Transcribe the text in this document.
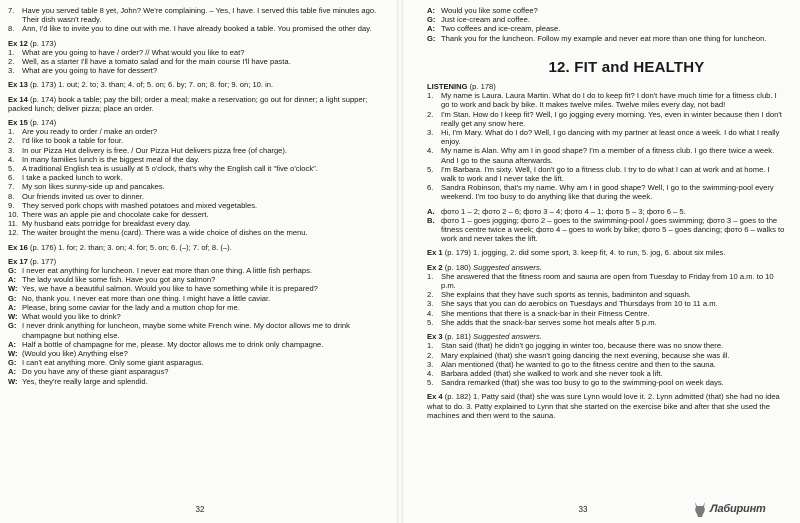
7.	Have you served table 8 yet, John? We're complaining. – Yes, I have. I served this table five minutes ago. Their dish wasn't ready.
8.	Ann, I'd like to invite you to dine out with me. I have already booked a table. You promised the other day.
Ex 12 (p. 173)
1.	What are you going to have / order? // What would you like to eat?
2.	Well, as a starter I'll have a tomato salad and for the main course I'll have pasta.
3.	What are you going to have for dessert?
Ex 13 (p. 173) 1. out; 2. to; 3. than; 4. of; 5. on; 6. by; 7. on; 8. for; 9. on; 10. in.
Ex 14 (p. 174) book a table; pay the bill; order a meal; make a reservation; go out for dinner; a light supper; packed lunch; deliver pizza; place an order.
Ex 15 (p. 174)
1.	Are you ready to order / make an order?
2.	I'd like to book a table for four.
3.	In our Pizza Hut delivery is free. / Our Pizza Hut delivers pizza free (of charge).
4.	In many families lunch is the biggest meal of the day.
5.	A traditional English tea is usually at 5 o'clock, that's why the English call it "five o'clock".
6.	I take a packed lunch to work.
7.	My son likes sunny-side up and pancakes.
8.	Our friends invited us over to dinner.
9.	They served pork chops with mashed potatoes and mixed vegetables.
10. There was an apple pie and chocolate cake for dessert.
11. My husband eats porridge for breakfast every day.
12. The waiter brought the menu (card). There was a wide choice of dishes on the menu.
Ex 16 (p. 176) 1. for; 2. than; 3. on; 4. for; 5. on; 6. (–); 7. of; 8. (–).
Ex 17 (p. 177)
G: I never eat anything for luncheon. I never eat more than one thing. A little fish perhaps.
A: The lady would like some fish. Have you got any salmon?
W: Yes, we have a beautiful salmon. Would you like to have something while it is prepared?
G: No, thank you. I never eat more than one thing. I might have a little caviar.
A: Please, bring some caviar for the lady and a mutton chop for me.
W: What would you like to drink?
G: I never drink anything for luncheon, maybe some white French wine. My doctor allows me to drink champagne but nothing else.
A: Half a bottle of champagne for me, please. My doctor allows me to drink only champagne.
W: (Would you like) Anything else?
G: I can't eat anything more. Only some giant asparagus.
A: Do you have any of these giant asparagus?
W: Yes, they're really large and splendid.
32
A: Would you like some coffee?
G: Just ice-cream and coffee.
A: Two coffees and ice-cream, please.
G: Thank you for the luncheon. Follow my example and never eat more than one thing for luncheon.
12. FIT and HEALTHY
LISTENING (p. 178)
1.	My name is Laura. Laura Martin. What do I do to keep fit? I don't have much time for a fitness club. I go to work and back by bike. It makes twelve miles. Twelve miles every day, not bad!
2.	I'm Stan. How do I keep fit? Well, I go jogging every morning. Yes, even in winter because then I don't really get any snow here.
3.	Hi, I'm Mary. What do I do? Well, I go dancing with my partner at least once a week. I do what I really enjoy.
4.	My name is Alan. Why am I in good shape? I'm a member of a fitness club. I go there twice a week. And I go to the sauna afterwards.
5.	I'm Barbara. I'm sixty. Well, I don't go to a fitness club. I try to do what I can at work and at home. I walk to work and I never take the lift.
6.	Sandra Robinson, that's my name. Why am I in good shape? Well, I go to the swimming-pool every weekend. I'm too busy to do anything like that during the week.
A. фото 1 – 2; фото 2 – 6; фото 3 – 4; фото 4 – 1; фото 5 – 3; фото 6 – 5.
B. фото 1 – goes jogging; фото 2 – goes to the swimming-pool / goes swimming; фото 3 – goes to the fitness centre twice a week; фото 4 – goes to work by bike; фото 5 – goes dancing; фото 6 – walks to work and never takes the lift.
Ex 1 (p. 179) 1. jogging, 2. did some sport, 3. keep fit, 4. to run, 5. jog, 6. about six miles.
Ex 2 (p. 180) Suggested answers.
1.	She answered that the fitness room and sauna are open from Tuesday to Friday from 10 a.m. to 10 p.m.
2.	She explains that they have such sports as tennis, badminton and squash.
3.	She says that you can do aerobics on Tuesdays and Thursdays from 10 to 11 a.m.
4.	She mentions that there is a snack-bar in their Fitness Centre.
5.	She adds that the snack-bar serves some hot meals after 5 p.m.
Ex 3 (p. 181) Suggested answers.
1.	Stan said (that) he didn't go jogging in winter too, because there was no snow there.
2.	Mary explained (that) she wasn't going dancing the next evening, because she was ill.
3.	Alan mentioned (that) he wanted to go to the fitness centre and then to the sauna.
4.	Barbara added (that) she walked to work and she never took a lift.
5.	Sandra remarked (that) she was too busy to go to the swimming-pool on week days.
Ex 4 (p. 182) 1. Patty said (that) she was sure Lynn would love it. 2. Lynn admitted (that) she had no idea what to do. 3. Patty explained to Lynn that she started on the exercise bike and after that she used the machines and then went to the sauna.
33	Лабиринт
